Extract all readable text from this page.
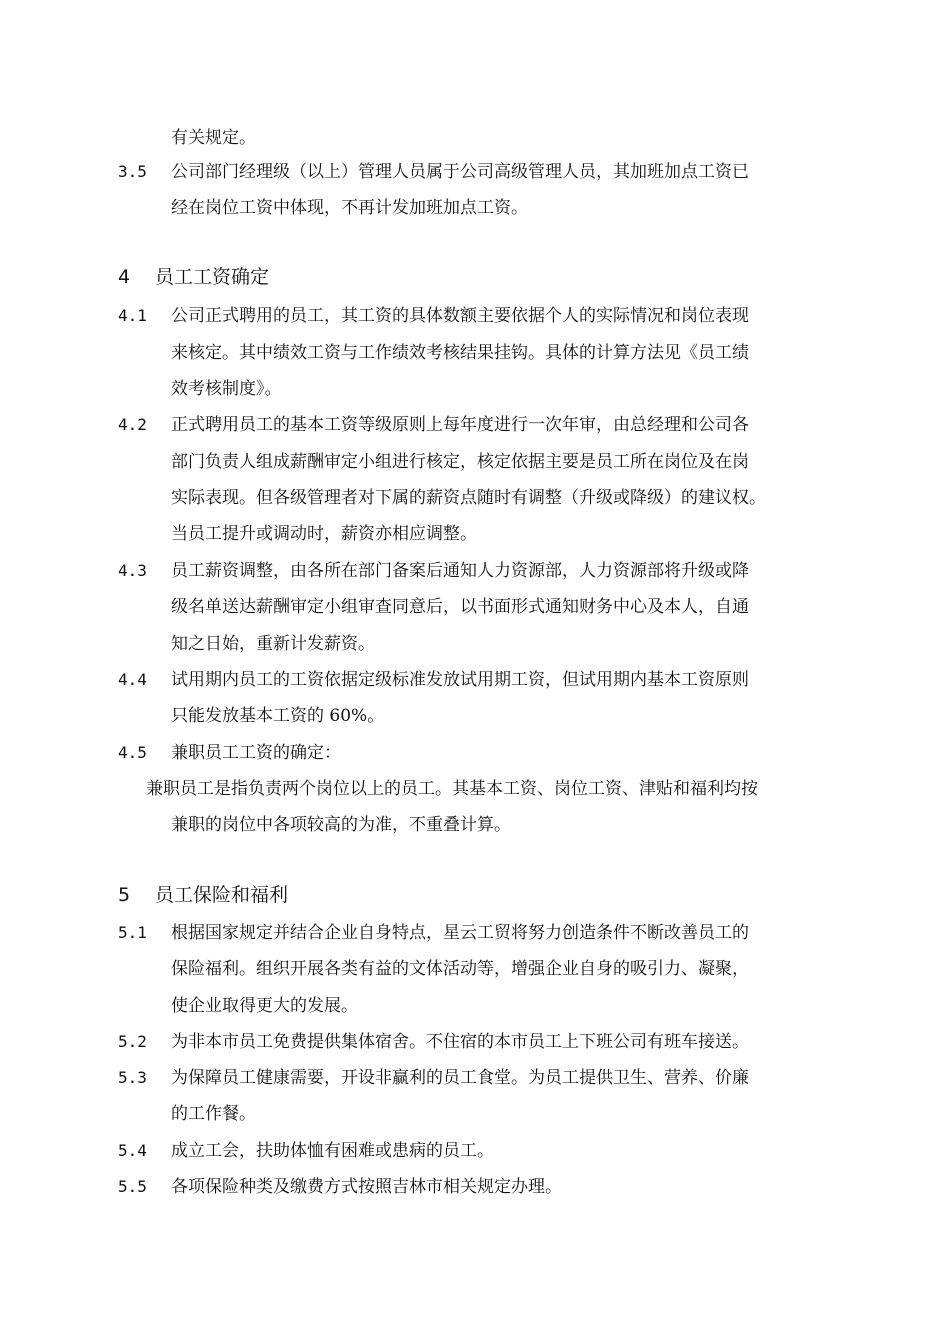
有关规定。
3.5 公司部门经理级（以上）管理人员属于公司高级管理人员，其加班加点工资已
经在岗位工资中体现，不再计发加班加点工资。
4 员工工资确定
4.1 公司正式聘用的员工，其工资的具体数额主要依据个人的实际情况和岗位表现
来核定。其中绩效工资与工作绩效考核结果挂钩。具体的计算方法见《员工绩
效考核制度》。
4.2 正式聘用员工的基本工资等级原则上每年度进行一次年审，由总经理和公司各
部门负责人组成薪酬审定小组进行核定，核定依据主要是员工所在岗位及在岗
实际表现。但各级管理者对下属的薪资点随时有调整（升级或降级）的建议权。
当员工提升或调动时，薪资亦相应调整。
4.3 员工薪资调整，由各所在部门备案后通知人力资源部，人力资源部将升级或降
级名单送达薪酬审定小组审查同意后，以书面形式通知财务中心及本人，自通
知之日始，重新计发薪资。
4.4 试用期内员工的工资依据定级标准发放试用期工资，但试用期内基本工资原则
只能发放基本工资的 60%。
4.5 兼职员工工资的确定：
兼职员工是指负责两个岗位以上的员工。其基本工资、岗位工资、津贴和福利均按
兼职的岗位中各项较高的为准，不重叠计算。
5 员工保险和福利
5.1 根据国家规定并结合企业自身特点，星云工贸将努力创造条件不断改善员工的
保险福利。组织开展各类有益的文体活动等，增强企业自身的吸引力、凝聚，
使企业取得更大的发展。
5.2 为非本市员工免费提供集体宿舍。不住宿的本市员工上下班公司有班车接送。
5.3 为保障员工健康需要，开设非赢利的员工食堂。为员工提供卫生、营养、价廉
的工作餐。
5.4 成立工会，扶助体恤有困难或患病的员工。
5.5 各项保险种类及缴费方式按照吉林市相关规定办理。
